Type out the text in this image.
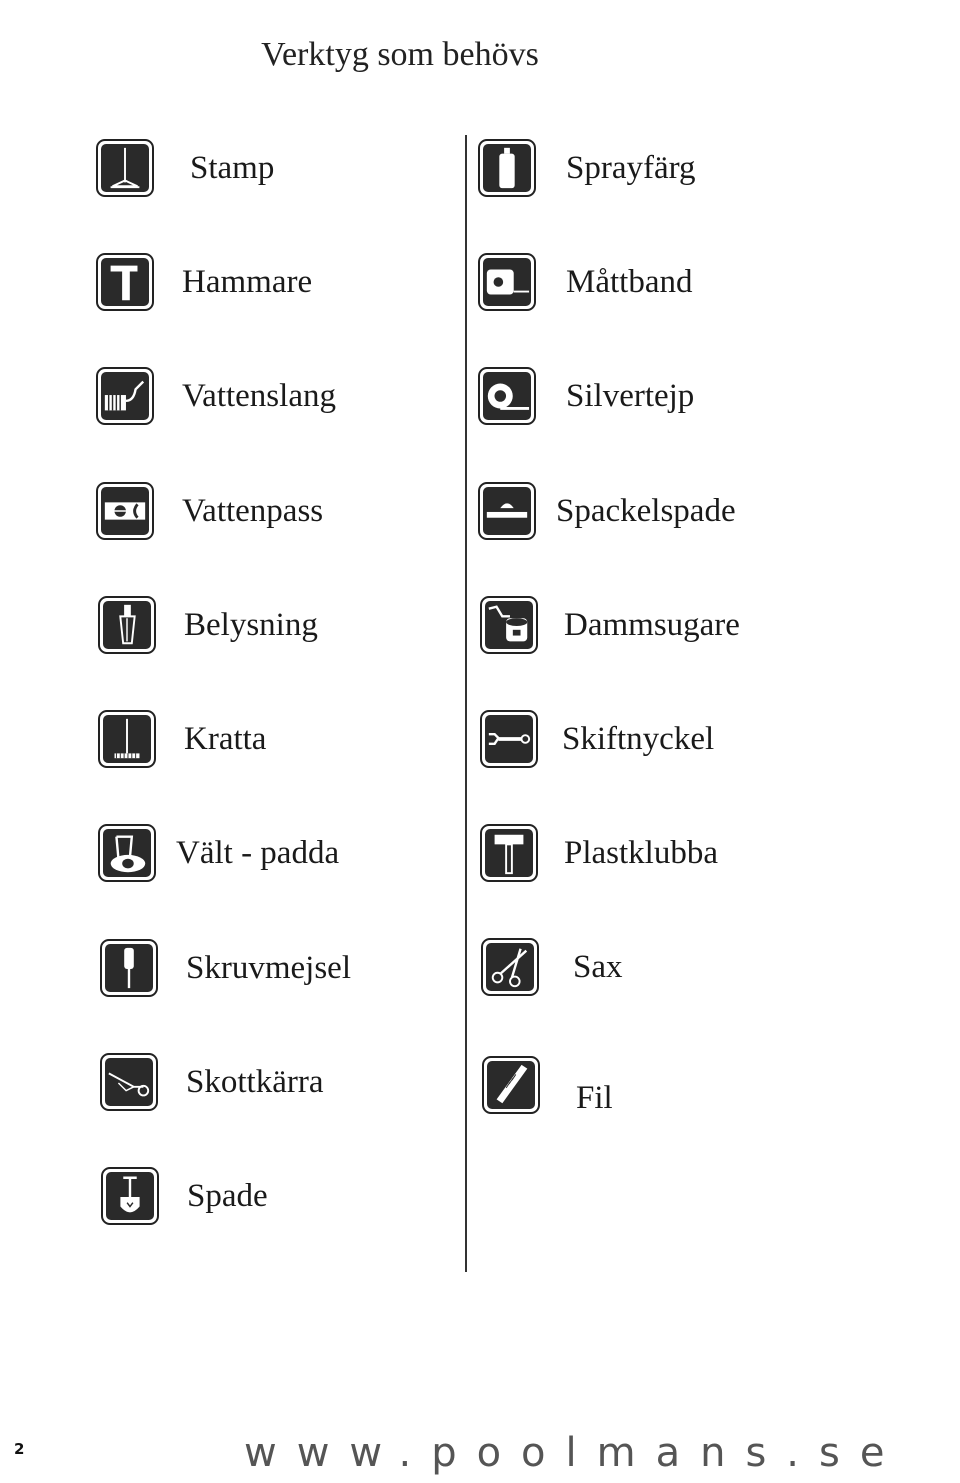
Verktyg som behövs
Stamp
Hammare
Vattenslang
Vattenpass
Belysning
Kratta
Vält - padda
Skruvmejsel
Skottkärra
Spade
Sprayfärg
Måttband
Silvertejp
Spackelspade
Dammsugare
Skiftnyckel
Plastklubba
Sax
Fil
2	www.poolmans.se
